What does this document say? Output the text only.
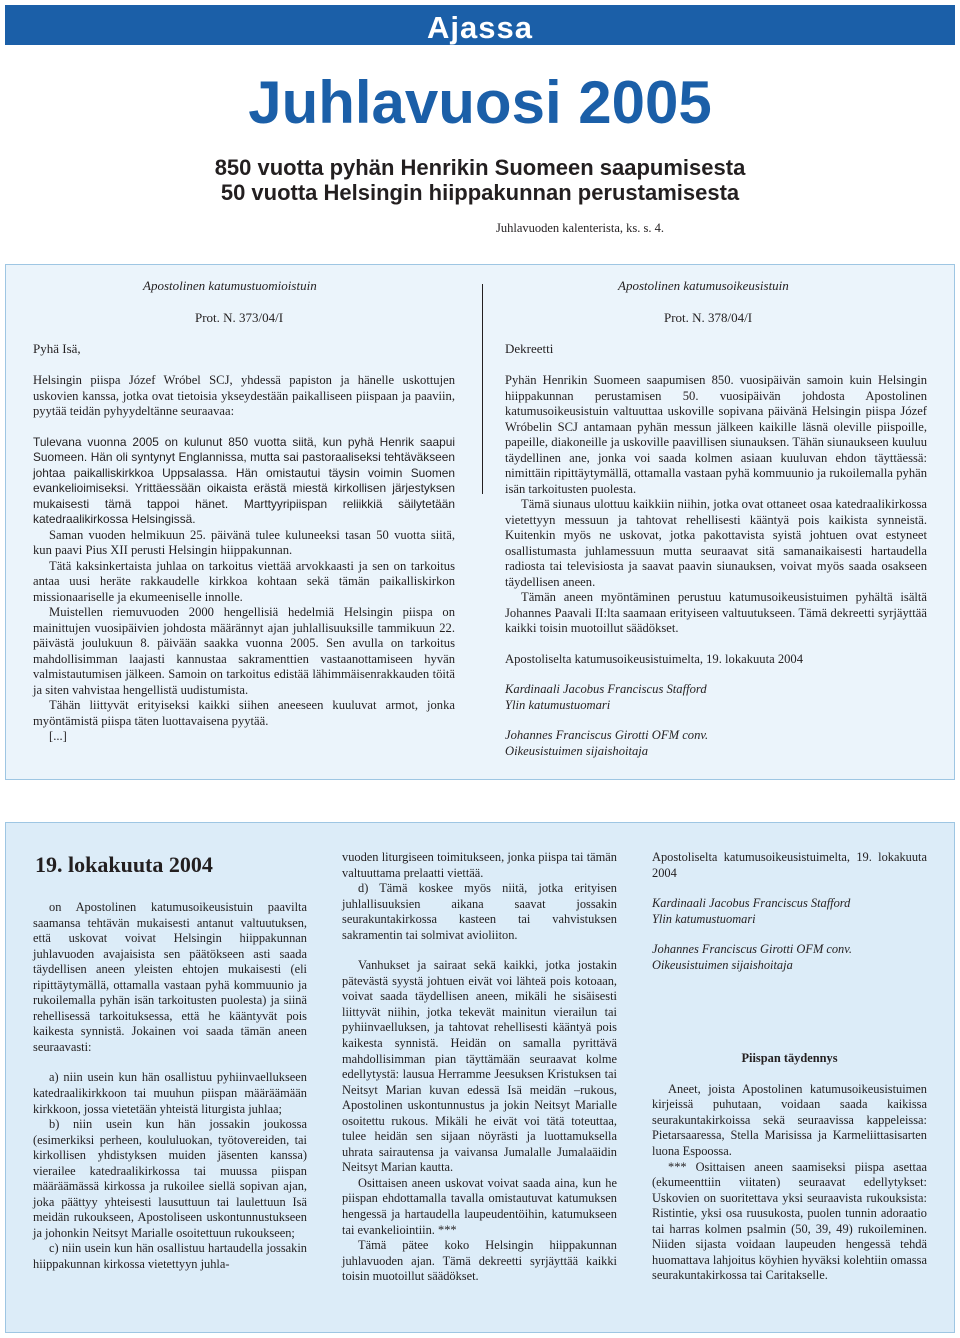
Ajassa
Juhlavuosi 2005
850 vuotta pyhän Henrikin Suomeen saapumisesta
50 vuotta Helsingin hiippakunnan perustamisesta
Juhlavuoden kalenterista, ks. s. 4.
Apostolinen katumustuomioistuin
Prot. N. 373/04/I
Pyhä Isä,

Helsingin piispa Józef Wróbel SCJ, yhdessä papiston ja hänelle uskottujen uskovien kanssa, jotka ovat tietoisia ykseydestään paikalliseen piispaan ja paaviin, pyytää teidän pyhyydeltänne seuraavaa:

Tulevana vuonna 2005 on kulunut 850 vuotta siitä, kun pyhä Henrik saapui Suomeen. Hän oli syntynyt Englannissa, mutta sai pastoraaliseksi tehtäväkseen johtaa paikalliskirkkoa Uppsalassa. Hän omistautui täysin voimin Suomen evankelioimiseksi. Yrittäessään oikaista erästä miestä kirkollisen järjestyksen mukaisesti tämä tappoi hänet. Marttyyripiispan reliikkiä säilytetään katedraalikirkossa Helsingissä.

Saman vuoden helmikuun 25. päivänä tulee kuluneeksi tasan 50 vuotta siitä, kun paavi Pius XII perusti Helsingin hiippakunnan.

Tätä kaksinkertaista juhlaa on tarkoitus viettää arvokkaasti ja sen on tarkoitus antaa uusi herätе rakkaudelle kirkkoa kohtaan sekä tämän paikalliskirkon missionaariselle ja ekumeeniselle innolle.

Muistellen riemuvuoden 2000 hengellisiä hedelmiä Helsingin piispa on mainittujen vuosipäivien johdosta määrännyt ajan juhlallisuuksille tammikuun 22. päivästä joulukuun 8. päivään saakka vuonna 2005. Sen avulla on tarkoitus mahdollisimman laajasti kannustaa sakramenttien vastaanottamiseen hyvän valmistautumisen jälkeen. Samoin on tarkoitus edistää lähimmäisenrakkauden töitä ja siten vahvistaa hengellistä uudistumista.

Tähän liittyvät erityiseksi kaikki siihen aneeseen kuuluvat armot, jonka myöntämistä piispa täten luottavaisena pyytää.

[...]

Apostolinen katumusoikeusistuin
Prot. N. 378/04/I
Dekreetti

Pyhän Henrikin Suomeen saapumisen 850. vuosipäivän samoin kuin Helsingin hiippakunnan perustamisen 50. vuosipäivän johdosta Apostolinen katumusoikeusistuin valtuuttaa uskoville sopivana päivänä Helsingin piispa Józef Wróbelin SCJ antamaan pyhän messun jälkeen kaikille läsnä oleville piispoille, papeille, diakoneille ja uskoville paavillisen siunauksen. Tähän siunaukseen kuuluu täydellinen ane, jonka voi saada kolmen asiaan kuuluvan ehdon täyttäessä: nimittäin ripittäytymällä, ottamalla vastaan pyhä kommuunio ja rukoilemalla pyhän isän tarkoitusten puolesta.

Tämä siunaus ulottuu kaikkiin niihin, jotka ovat ottaneet osaa katedraalikirkossa vietettyyn messuun ja tahtovat rehellisesti kääntyä pois kaikista synneistä. Kuitenkin myös ne uskovat, jotka pakottavista syistä johtuen ovat estyneet osallistumasta juhlamessuun mutta seuraavat sitä samanaikaisesti hartaudella radiosta tai televisiosta ja saavat paavin siunauksen, voivat myös saada osakseen täydellisen aneen.

Tämän aneen myöntäminen perustuu katumusoikeusistuimen pyhältä isältä Johannes Paavali II:lta saamaan erityiseen valtuutukseen. Tämä dekreetti syrjäyttää kaikki toisin muotoillut säädökset.

Apostoliselta katumusoikeusistuimelta, 19. lokakuuta 2004

Kardinaali Jacobus Franciscus Stafford

Ylin katumustuomari

Johannes Franciscus Girotti OFM conv.

Oikeusistuimen sijaishoitaja

19. lokakuuta 2004

on Apostolinen katumusoikeusistuin paavilta saamansa tehtävän mukaisesti antanut valtuutuksen, että uskovat voivat Helsingin hiippakunnan juhlavuoden avajaisista sen päätökseen asti saada täydellisen aneen yleisten ehtojen mukaisesti (eli ripittäytymällä, ottamalla vastaan pyhä kommuunio ja rukoilemalla pyhän isän tarkoitusten puolesta) ja siinä rehellisessä tarkoituksessa, että he kääntyvät pois kaikesta synnistä. Jokainen voi saada tämän aneen seuraavasti:

a) niin usein kun hän osallistuu pyhiinvaellukseen katedraalikirkkoon tai muuhun piispan määräämään kirkkoon, jossa vietetään yhteistä liturgista juhlaa;

b) niin usein kun hän jossakin joukossa (esimerkiksi perheen, koululuokan, työtovereiden, tai kirkollisen yhdistyksen muiden jäsenten kanssa) vierailee katedraalikirkossa tai muussa piispan määräämässä kirkossa ja rukoilee siellä sopivan ajan, joka päättyy yhteisesti lausuttuun tai laulettuun Isä meidän rukoukseen, Apostoliseen uskontunnustukseen ja johonkin Neitsyt Marialle osoitettuun rukoukseen;

c) niin usein kun hän osallistuu hartaudella jossakin hiippakunnan kirkossa vietettyyn juhla-

vuoden liturgiseen toimitukseen, jonka piispa tai tämän valtuuttama prelaatti viettää.

d) Tämä koskee myös niitä, jotka erityisen juhlallisuuksien aikana saavat jossakin seurakuntakirkossa kasteen tai vahvistuksen sakramentin tai solmivat avioliiton.

Vanhukset ja sairaat sekä kaikki, jotka jostakin pätevästä syystä johtuen eivät voi lähteä pois kotoaan, voivat saada täydellisen aneen, mikäli he sisäisesti liittyvät niihin, jotka tekevät mainitun vierailun tai pyhiinvaelluksen, ja tahtovat rehellisesti kääntyä pois kaikesta synnistä. Heidän on samalla pyrittävä mahdollisimman pian täyttämään seuraavat kolme edellytystä: lausua Herramme Jeesuksen Kristuksen tai Neitsyt Marian kuvan edessä Isä meidän –rukous, Apostolinen uskontunnustus ja jokin Neitsyt Marialle osoitettu rukous. Mikäli he eivät voi tätä toteuttaa, tulee heidän sen sijaan nöyrästi ja luottamuksella uhrata sairautensa ja vaivansa Jumalalle Jumalaäidin Neitsyt Marian kautta.

Osittaisen aneen uskovat voivat saada aina, kun he piispan ehdottamalla tavalla omistautuvat katumuksen hengessä ja hartaudella laupeudentöihin, katumukseen tai evankeliointiin. ***

Tämä pätee koko Helsingin hiippakunnan juhlavuoden ajan. Tämä dekreetti syrjäyttää kaikki toisin muotoillut säädökset.

Apostoliselta katumusoikeusistuimelta, 19. lokakuuta 2004

Kardinaali Jacobus Franciscus Stafford

Ylin katumustuomari

Johannes Franciscus Girotti OFM conv.

Oikeusistuimen sijaishoitaja

Piispan täydennys

Aneet, joista Apostolinen katumusoikeusistuimen kirjeissä puhutaan, voidaan saada kaikissa seurakuntakirkoissa sekä seuraavissa kappeleissa: Pietarsaaressa, Stella Marisissa ja Karmeliittasisarten luona Espoossa.

*** Osittaisen aneen saamiseksi piispa asettaa (ekumeenttiin viitaten) seuraavat edellytykset: Uskovien on suoritettava yksi seuraavista rukouksista: Ristintie, yksi osa ruusukosta, puolen tunnin adoraatio tai harras kolmen psalmin (50, 39, 49) rukoileminen. Niiden sijasta voidaan laupeuden hengessä tehdä huomattava lahjoitus köyhien hyväksi kolehtiin omassa seurakuntakirkossa tai Caritakselle.
